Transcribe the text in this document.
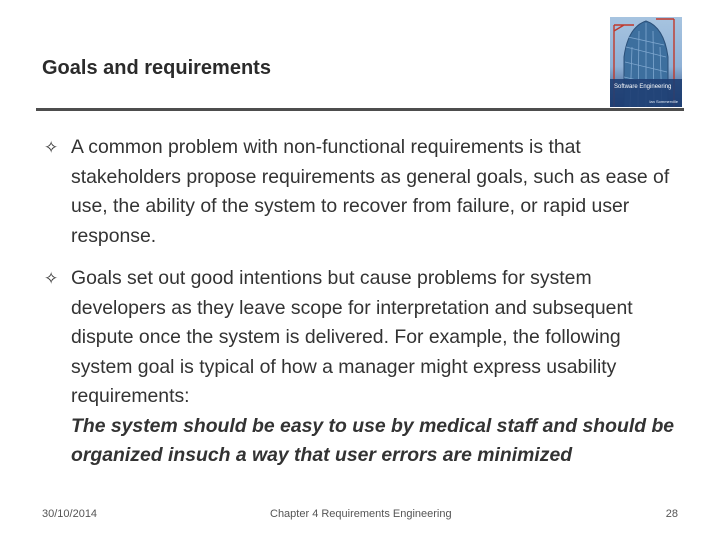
Goals and requirements
Software Engineering
Ian Sommerville
✧ A common problem with non-functional requirements is that stakeholders propose requirements as general goals, such as ease of use, the ability of the system to recover from failure, or rapid user response.
✧ Goals set out good intentions but cause problems for system developers as they leave scope for interpretation and subsequent dispute once the system is delivered. For example, the following system goal is typical of how a manager might express usability requirements:
The system should be easy to use by medical staff and should be organized insuch a way that user errors are minimized
30/10/2014	Chapter 4 Requirements Engineering	28
